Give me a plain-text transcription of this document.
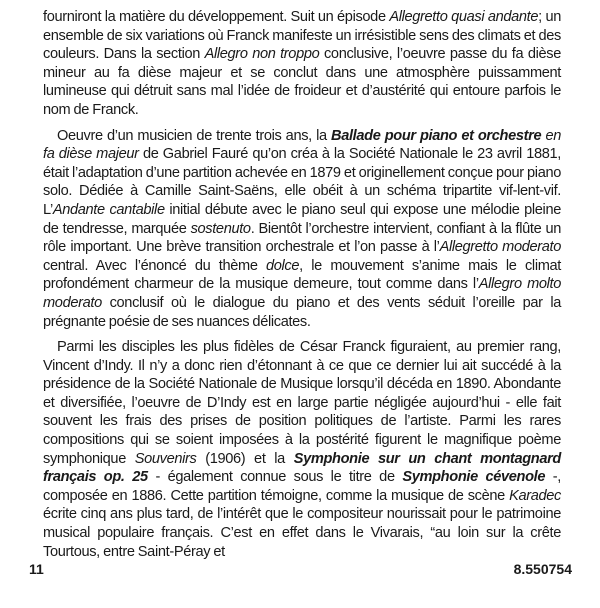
fourniront la matière du développement. Suit un épisode Allegretto quasi andante; un ensemble de six variations où Franck manifeste un irrésistible sens des climats et des couleurs. Dans la section Allegro non troppo conclusive, l’oeuvre passe du fa dièse mineur au fa dièse majeur et se conclut dans une atmosphère puissamment lumineuse qui détruit sans mal l’idée de froideur et d’austérité qui entoure parfois le nom de Franck.

Oeuvre d’un musicien de trente trois ans, la Ballade pour piano et orchestre en fa dièse majeur de Gabriel Fauré qu’on créa à la Société Nationale le 23 avril 1881, était l’adaptation d’une partition achevée en 1879 et originellement conçue pour piano solo. Dédiée à Camille Saint-Saëns, elle obéit à un schéma tripartite vif-lent-vif. L’Andante cantabile initial débute avec le piano seul qui expose une mélodie pleine de tendresse, marquée sostenuto. Bientôt l’orchestre intervient, confiant à la flûte un rôle important. Une brève transition orchestrale et l’on passe à l’Allegretto moderato central. Avec l’énoncé du thème dolce, le mouvement s’anime mais le climat profondément charmeur de la musique demeure, tout comme dans l’Allegro molto moderato conclusif où le dialogue du piano et des vents séduit l’oreille par la prégnante poésie de ses nuances délicates.

Parmi les disciples les plus fidèles de César Franck figuraient, au premier rang, Vincent d’Indy. Il n’y a donc rien d’étonnant à ce que ce dernier lui ait succédé à la présidence de la Société Nationale de Musique lorsqu’il décéda en 1890. Abondante et diversifiée, l’oeuvre de D’Indy est en large partie négligée aujourd’hui - elle fait souvent les frais des prises de position politiques de l’artiste. Parmi les rares compositions qui se soient imposées à la postérité figurent le magnifique poème symphonique Souvenirs (1906) et la Symphonie sur un chant montagnard français op. 25 - également connue sous le titre de Symphonie cévenole -, composée en 1886. Cette partition témoigne, comme la musique de scène Karadec écrite cinq ans plus tard, de l’intérêt que le compositeur nourissait pour le patrimoine musical populaire français. C’est en effet dans le Vivarais, “au loin sur la crête Tourtous, entre Saint-Péray et

11	8.550754
